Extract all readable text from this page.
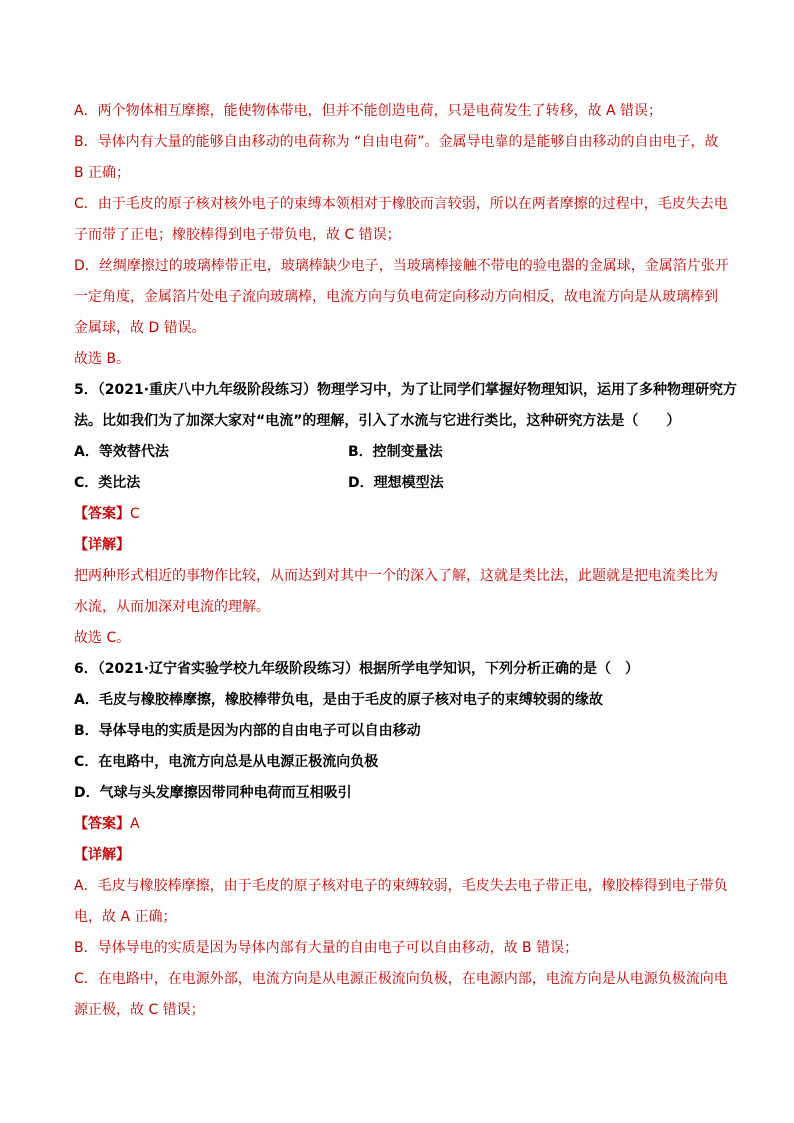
A．两个物体相互摩擦，能使物体带电，但并不能创造电荷，只是电荷发生了转移，故 A 错误；
B．导体内有大量的能够自由移动的电荷称为 “自由电荷”。金属导电靠的是能够自由移动的自由电子，故
B 正确；
C．由于毛皮的原子核对核外电子的束缚本领相对于橡胶而言较弱，所以在两者摩擦的过程中，毛皮失去电
子而带了正电；橡胶棒得到电子带负电，故 C 错误；
D．丝绸摩擦过的玻璃棒带正电，玻璃棒缺少电子，当玻璃棒接触不带电的验电器的金属球，金属箔片张开
一定角度，金属箔片处电子流向玻璃棒，电流方向与负电荷定向移动方向相反，故电流方向是从玻璃棒到
金属球，故 D 错误。
故选 B。
5．（2021·重庆八中九年级阶段练习）物理学习中，为了让同学们掌握好物理知识，运用了多种物理研究方
法。比如我们为了加深大家对“电流”的理解，引入了水流与它进行类比，这种研究方法是（　　）
A．等效替代法	B．控制变量法
C．类比法	D．理想模型法
【答案】C
【详解】
把两种形式相近的事物作比较，从而达到对其中一个的深入了解，这就是类比法，此题就是把电流类比为
水流，从而加深对电流的理解。
故选 C。
6．（2021·辽宁省实验学校九年级阶段练习）根据所学电学知识，下列分析正确的是（　）
A．毛皮与橡胶棒摩擦，橡胶棒带负电，是由于毛皮的原子核对电子的束缚较弱的缘故
B．导体导电的实质是因为内部的自由电子可以自由移动
C．在电路中，电流方向总是从电源正极流向负极
D．气球与头发摩擦因带同种电荷而互相吸引
【答案】A
【详解】
A．毛皮与橡胶棒摩擦，由于毛皮的原子核对电子的束缚较弱，毛皮失去电子带正电，橡胶棒得到电子带负
电，故 A 正确；
B．导体导电的实质是因为导体内部有大量的自由电子可以自由移动，故 B 错误；
C．在电路中，在电源外部，电流方向是从电源正极流向负极，在电源内部，电流方向是从电源负极流向电
源正极，故 C 错误；
